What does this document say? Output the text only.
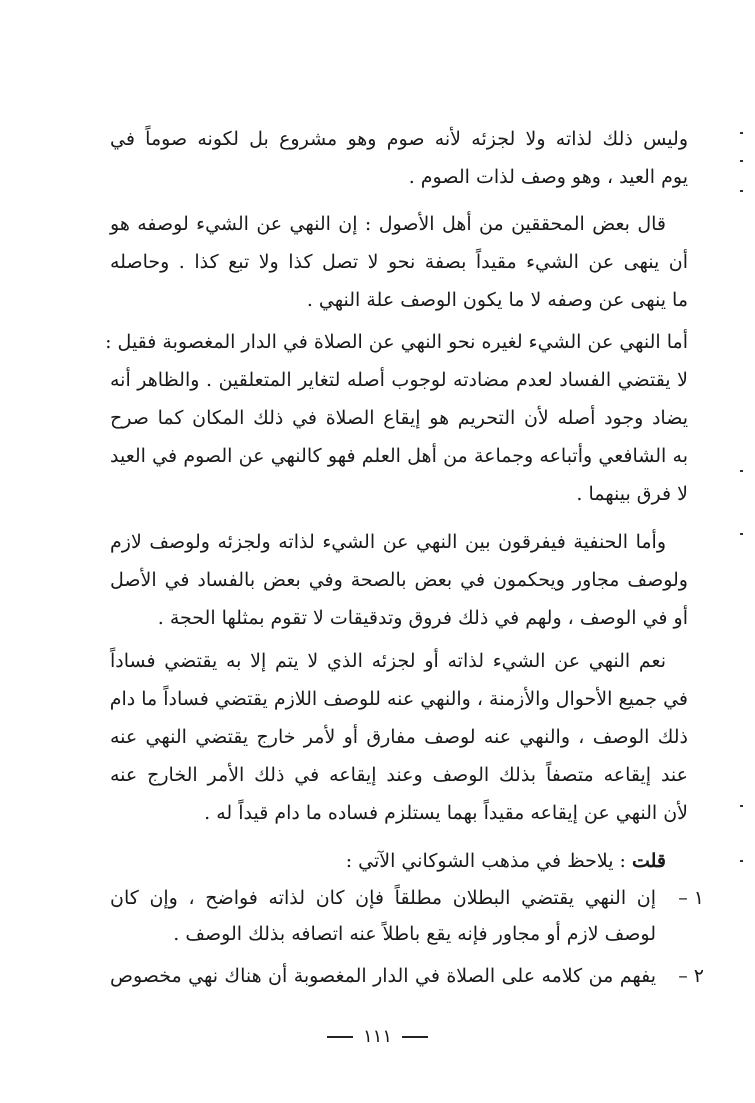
وليس ذلك لذاته ولا لجزئه لأنه صوم وهو مشروع بل لكونه صوماً في
يوم العيد ، وهو وصف لذات الصوم .
قال بعض المحققين من أهل الأصول : إن النهي عن الشيء لوصفه هو
أن ينهى عن الشيء مقيداً بصفة نحو لا تصل كذا ولا تبع كذا . وحاصله
ما ينهى عن وصفه لا ما يكون الوصف علة النهي .
أما النهي عن الشيء لغيره نحو النهي عن الصلاة في الدار المغصوبة فقيل :
لا يقتضي الفساد لعدم مضادته لوجوب أصله لتغاير المتعلقين . والظاهر أنه
يضاد وجود أصله لأن التحريم هو إيقاع الصلاة في ذلك المكان كما صرح
به الشافعي وأتباعه وجماعة من أهل العلم فهو كالنهي عن الصوم في العيد
لا فرق بينهما .
وأما الحنفية فيفرقون بين النهي عن الشيء لذاته ولجزئه ولوصف لازم
ولوصف مجاور ويحكمون في بعض بالصحة وفي بعض بالفساد في الأصل
أو في الوصف ، ولهم في ذلك فروق وتدقيقات لا تقوم بمثلها الحجة .
نعم النهي عن الشيء لذاته أو لجزئه الذي لا يتم إلا به يقتضي فساداً
في جميع الأحوال والأزمنة ، والنهي عنه للوصف اللازم يقتضي فساداً ما دام
ذلك الوصف ، والنهي عنه لوصف مفارق أو لأمر خارج يقتضي النهي عنه
عند إيقاعه متصفاً بذلك الوصف وعند إيقاعه في ذلك الأمر الخارج عنه
لأن النهي عن إيقاعه مقيداً بهما يستلزم فساده ما دام قيداً له .
قلت : يلاحظ في مذهب الشوكاني الآتي :
١ –
إن النهي يقتضي البطلان مطلقاً فإن كان لذاته فواضح ، وإن كان
لوصف لازم أو مجاور فإنه يقع باطلاً عنه اتصافه بذلك الوصف .
٢ –
يفهم من كلامه على الصلاة في الدار المغصوبة أن هناك نهي مخصوص
١١١
